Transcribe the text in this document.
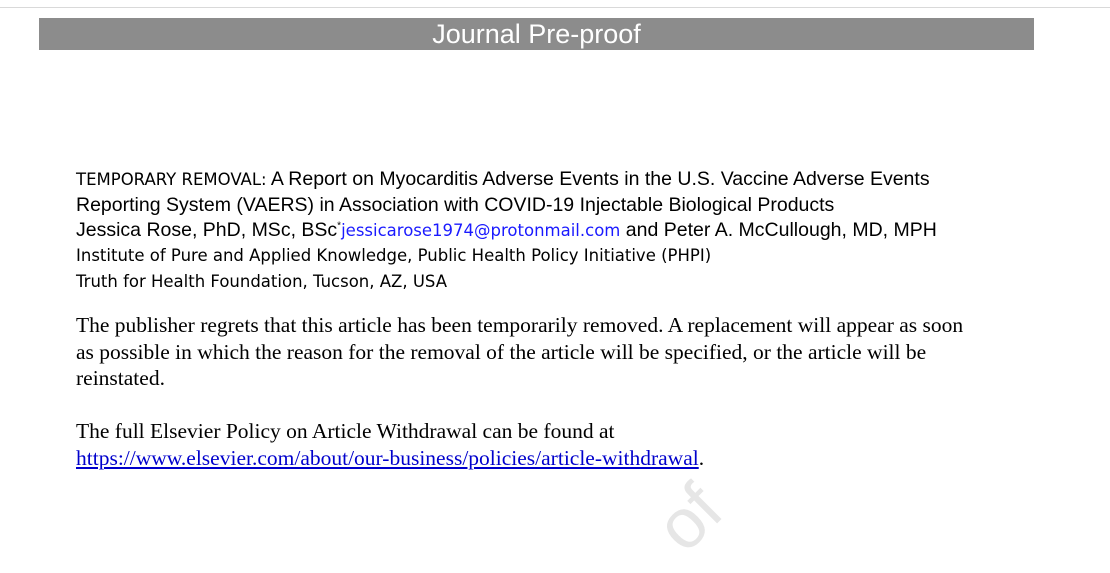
Journal Pre-proof

TEMPORARY REMOVAL: A Report on Myocarditis Adverse Events in the U.S. Vaccine Adverse Events Reporting System (VAERS) in Association with COVID-19 Injectable Biological Products

Jessica Rose, PhD, MSc, BSc*jessicarose1974@protonmail.com and Peter A. McCullough, MD, MPH
Institute of Pure and Applied Knowledge, Public Health Policy Initiative (PHPI)
Truth for Health Foundation, Tucson, AZ, USA
The publisher regrets that this article has been temporarily removed. A replacement will appear as soon as possible in which the reason for the removal of the article will be specified, or the article will be reinstated.
The full Elsevier Policy on Article Withdrawal can be found at
https://www.elsevier.com/about/our-business/policies/article-withdrawal.
of
